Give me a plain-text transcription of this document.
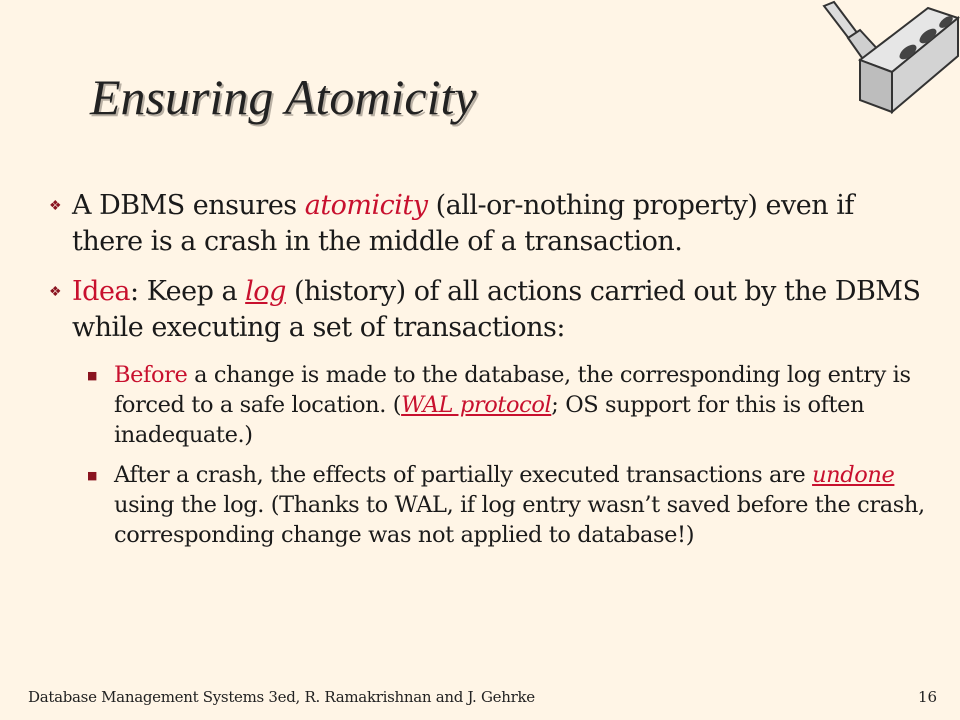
Ensuring Atomicity
❖ A DBMS ensures atomicity (all-or-nothing property) even if there is a crash in the middle of a transaction.
❖ Idea: Keep a log (history) of all actions carried out by the DBMS while executing a set of transactions:
■ Before a change is made to the database, the corresponding log entry is forced to a safe location. (WAL protocol; OS support for this is often inadequate.)
■ After a crash, the effects of partially executed transactions are undone using the log. (Thanks to WAL, if log entry wasn’t saved before the crash, corresponding change was not applied to database!)
Database Management Systems 3ed, R. Ramakrishnan and J. Gehrke	16
